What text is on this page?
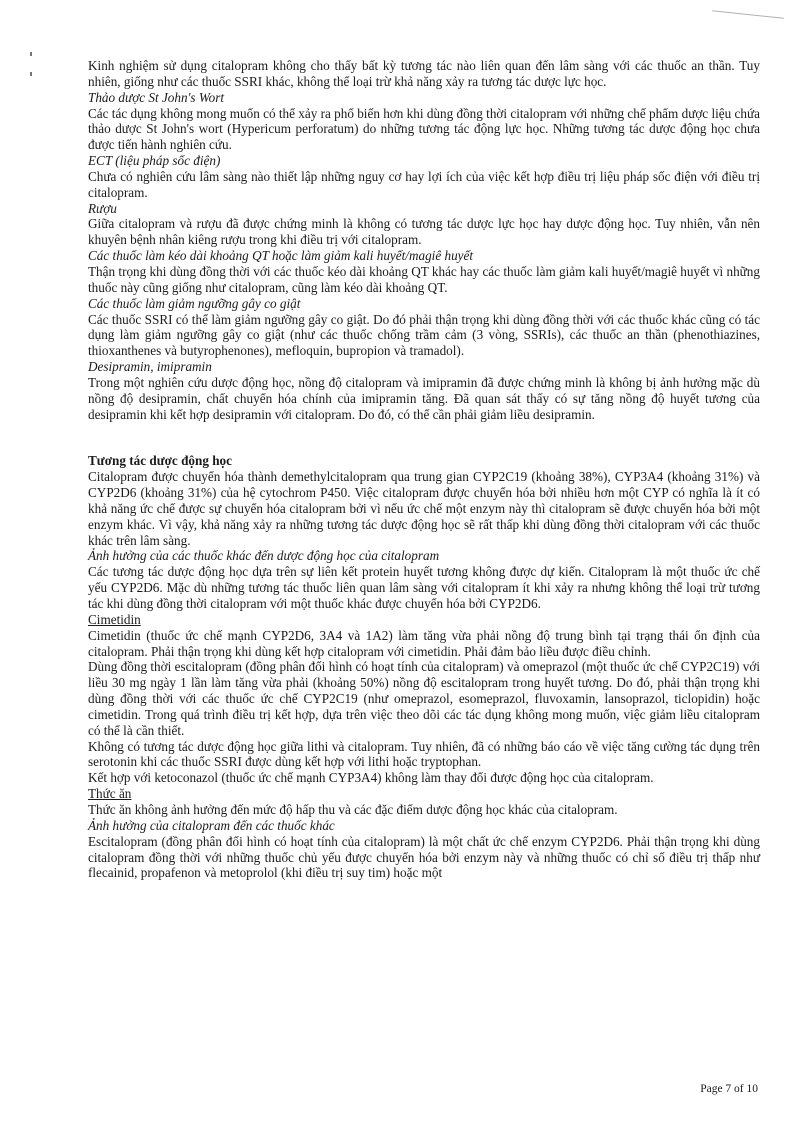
Kinh nghiệm sử dụng citalopram không cho thấy bất kỳ tương tác nào liên quan đến lâm sàng với các thuốc an thần. Tuy nhiên, giống như các thuốc SSRI khác, không thể loại trừ khả năng xảy ra tương tác dược lực học.

Thảo dược St John's Wort

Các tác dụng không mong muốn có thể xảy ra phổ biến hơn khi dùng đồng thời citalopram với những chế phẩm dược liệu chứa thảo dược St John's wort (Hypericum perforatum) do những tương tác động lực học. Những tương tác dược động học chưa được tiến hành nghiên cứu.

ECT (liệu pháp sốc điện)

Chưa có nghiên cứu lâm sàng nào thiết lập những nguy cơ hay lợi ích của việc kết hợp điều trị liệu pháp sốc điện với điều trị citalopram.

Rượu

Giữa citalopram và rượu đã được chứng minh là không có tương tác dược lực học hay dược động học. Tuy nhiên, vẫn nên khuyên bệnh nhân kiêng rượu trong khi điều trị với citalopram.

Các thuốc làm kéo dài khoảng QT hoặc làm giảm kali huyết/magiê huyết

Thận trọng khi dùng đồng thời với các thuốc kéo dài khoảng QT khác hay các thuốc làm giảm kali huyết/magiê huyết vì những thuốc này cũng giống như citalopram, cũng làm kéo dài khoảng QT.

Các thuốc làm giảm ngưỡng gây co giật

Các thuốc SSRI có thể làm giảm ngưỡng gây co giật. Do đó phải thận trọng khi dùng đồng thời với các thuốc khác cũng có tác dụng làm giảm ngưỡng gây co giật (như các thuốc chống trầm cảm (3 vòng, SSRIs), các thuốc an thần (phenothiazines, thioxanthenes và butyrophenones), mefloquin, bupropion và tramadol).

Desipramin, imipramin

Trong một nghiên cứu dược động học, nồng độ citalopram và imipramin đã được chứng minh là không bị ảnh hưởng mặc dù nồng độ desipramin, chất chuyển hóa chính của imipramin tăng. Đã quan sát thấy có sự tăng nồng độ huyết tương của desipramin khi kết hợp desipramin với citalopram. Do đó, có thể cần phải giảm liều desipramin.

Tương tác dược động học

Citalopram được chuyển hóa thành demethylcitalopram qua trung gian CYP2C19 (khoảng 38%), CYP3A4 (khoảng 31%) và CYP2D6 (khoảng 31%) của hệ cytochrom P450. Việc citalopram được chuyển hóa bởi nhiều hơn một CYP có nghĩa là ít có khả năng ức chế được sự chuyển hóa citalopram bởi vì nếu ức chế một enzym này thì citalopram sẽ được chuyển hóa bởi một enzym khác. Vì vậy, khả năng xảy ra những tương tác dược động học sẽ rất thấp khi dùng đồng thời citalopram với các thuốc khác trên lâm sàng.

Ảnh hưởng của các thuốc khác đến dược động học của citalopram

Các tương tác dược động học dựa trên sự liên kết protein huyết tương không được dự kiến. Citalopram là một thuốc ức chế yếu CYP2D6. Mặc dù những tương tác thuốc liên quan lâm sàng với citalopram ít khi xảy ra nhưng không thể loại trừ tương tác khi dùng đồng thời citalopram với một thuốc khác được chuyển hóa bởi CYP2D6.

Cimetidin

Cimetidin (thuốc ức chế mạnh CYP2D6, 3A4 và 1A2) làm tăng vừa phải nồng độ trung bình tại trạng thái ổn định của citalopram. Phải thận trọng khi dùng kết hợp citalopram với cimetidin. Phải đảm bảo liều được điều chỉnh.

Dùng đồng thời escitalopram (đồng phân đối hình có hoạt tính của citalopram) và omeprazol (một thuốc ức chế CYP2C19) với liều 30 mg ngày 1 lần làm tăng vừa phải (khoảng 50%) nồng độ escitalopram trong huyết tương. Do đó, phải thận trọng khi dùng đồng thời với các thuốc ức chế CYP2C19 (như omeprazol, esomeprazol, fluvoxamin, lansoprazol, ticlopidin) hoặc cimetidin. Trong quá trình điều trị kết hợp, dựa trên việc theo dõi các tác dụng không mong muốn, việc giảm liều citalopram có thể là cần thiết.

Không có tương tác dược động học giữa lithi và citalopram. Tuy nhiên, đã có những báo cáo về việc tăng cường tác dụng trên serotonin khi các thuốc SSRI được dùng kết hợp với lithi hoặc tryptophan.

Kết hợp với ketoconazol (thuốc ức chế mạnh CYP3A4) không làm thay đổi được động học của citalopram.

Thức ăn

Thức ăn không ảnh hưởng đến mức độ hấp thu và các đặc điểm dược động học khác của citalopram.

Ảnh hưởng của citalopram đến các thuốc khác

Escitalopram (đồng phân đối hình có hoạt tính của citalopram) là một chất ức chế enzym CYP2D6. Phải thận trọng khi dùng citalopram đồng thời với những thuốc chủ yếu được chuyển hóa bởi enzym này và những thuốc có chỉ số điều trị thấp như flecainid, propafenon và metoprolol (khi điều trị suy tim) hoặc một

Page 7 of 10
